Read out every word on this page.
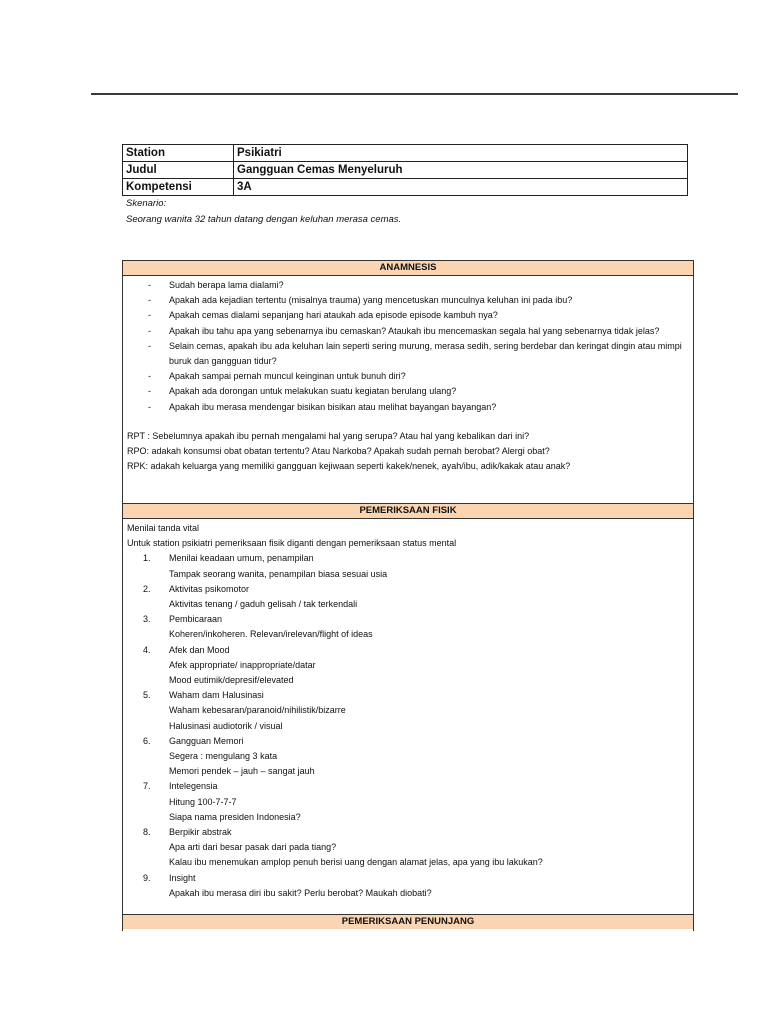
Station	Psikiatri
Judul	Gangguan Cemas Menyeluruh
Kompetensi	3A
Skenario:
Seorang wanita 32 tahun datang dengan keluhan merasa cemas.
ANAMNESIS
- Sudah berapa lama dialami?
- Apakah ada kejadian tertentu (misalnya trauma) yang mencetuskan munculnya keluhan ini pada ibu?
- Apakah cemas dialami sepanjang hari ataukah ada episode episode kambuh nya?
- Apakah ibu tahu apa yang sebenarnya ibu cemaskan? Ataukah ibu mencemaskan segala hal yang sebenarnya tidak jelas?
- Selain cemas, apakah ibu ada keluhan lain seperti sering murung, merasa sedih, sering berdebar dan keringat dingin atau mimpi buruk dan gangguan tidur?
- Apakah sampai pernah muncul keinginan untuk bunuh diri?
- Apakah ada dorongan untuk melakukan suatu kegiatan berulang ulang?
- Apakah ibu merasa mendengar bisikan bisikan atau melihat bayangan bayangan?

RPT : Sebelumnya apakah ibu pernah mengalami hal yang serupa? Atau hal yang kebalikan dari ini?

RPO: adakah konsumsi obat obatan tertentu? Atau Narkoba? Apakah sudah pernah berobat? Alergi obat?

RPK: adakah keluarga yang memiliki gangguan kejiwaan seperti kakek/nenek, ayah/ibu, adik/kakak atau anak?

PEMERIKSAAN FISIK

Menilai tanda vital

Untuk station psikiatri pemeriksaan fisik diganti dengan pemeriksaan status mental

1. Menilai keadaan umum, penampilan
Tampak seorang wanita, penampilan biasa sesuai usia
2. Aktivitas psikomotor
Aktivitas tenang / gaduh gelisah / tak terkendali
3. Pembicaraan
Koheren/inkoheren. Relevan/irelevan/flight of ideas
4. Afek dan Mood
Afek appropriate/ inappropriate/datar
Mood eutimik/depresif/elevated
5. Waham dam Halusinasi
Waham kebesaran/paranoid/nihilistik/bizarre
Halusinasi audiotorik / visual
6. Gangguan Memori
Segera : mengulang 3 kata
Memori pendek – jauh – sangat jauh
7. Intelegensia
Hitung 100-7-7-7
Siapa nama presiden Indonesia?
8. Berpikir abstrak
Apa arti dari besar pasak dari pada tiang?
Kalau ibu menemukan amplop penuh berisi uang dengan alamat jelas, apa yang ibu lakukan?
9. Insight
Apakah ibu merasa diri ibu sakit? Perlu berobat? Maukah diobati?
PEMERIKSAAN PENUNJANG
